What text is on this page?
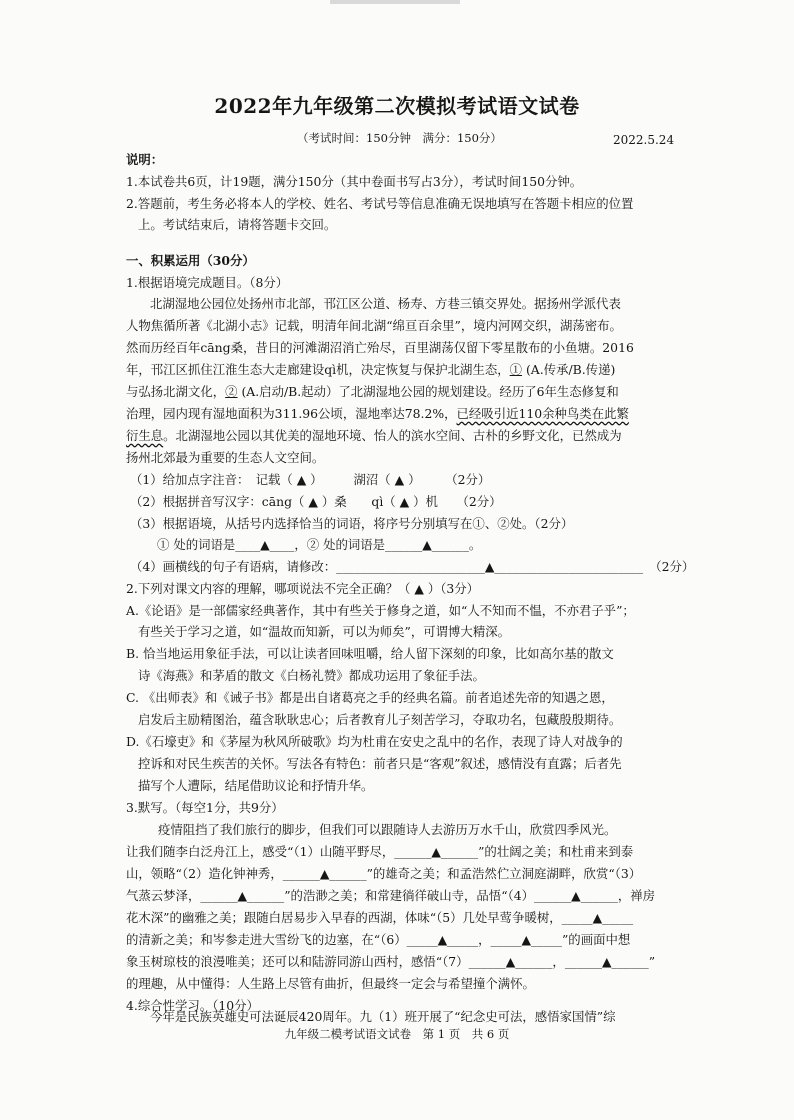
2022年九年级第二次模拟考试语文试卷
（考试时间：150分钟　满分：150分）	2022.5.24
说明：
1.本试卷共6页，计19题，满分150分（其中卷面书写占3分），考试时间150分钟。
2.答题前，考生务必将本人的学校、姓名、考试号等信息准确无误地填写在答题卡相应的位置
上。考试结束后，请将答题卡交回。
一、积累运用（30分）
1.根据语境完成题目。（8分）
北湖湿地公园位处扬州市北部，邗江区公道、杨寿、方巷三镇交界处。据扬州学派代表
人物焦循所著《北湖小志》记载，明清年间北湖“绵亘百余里”，境内河网交织，湖荡密布。
然而历经百年cāng桑，昔日的河滩湖沼消亡殆尽，百里湖荡仅留下零星散布的小鱼塘。2016
年，邗江区抓住江淮生态大走廊建设qì机，决定恢复与保护北湖生态，① (A.传承/B.传递)
与弘扬北湖文化，② (A.启动/B.起动）了北湖湿地公园的规划建设。经历了6年生态修复和
治理，园内现有湿地面积为311.96公顷，湿地率达78.2%，已经吸引近110余种鸟类在此繁
衍生息。北湖湿地公园以其优美的湿地环境、怡人的滨水空间、古朴的乡野文化，已然成为
扬州北郊最为重要的生态人文空间。
（1）给加点字注音：　记载（ ▲ ）　　　湖沼（ ▲ ）　　　（2分）
（2）根据拼音写汉字：cāng（ ▲ ）桑　　qì（ ▲ ）机　　（2分）
（3）根据语境，从括号内选择恰当的词语，将序号分别填写在①、②处。（2分）
① 处的词语是____▲____，② 处的词语是______▲______。
（4）画横线的句子有语病，请修改：________________________▲________________________　（2分）
2.下列对课文内容的理解，哪项说法不完全正确？（ ▲ ）（3分）
A.《论语》是一部儒家经典著作，其中有些关于修身之道，如“人不知而不愠，不亦君子乎”；
有些关于学习之道，如“温故而知新，可以为师矣”，可谓博大精深。
B. 恰当地运用象征手法，可以让读者回味咀嚼，给人留下深刻的印象，比如高尔基的散文
诗《海燕》和茅盾的散文《白杨礼赞》都成功运用了象征手法。
C. 《出师表》和《诫子书》都是出自诸葛亮之手的经典名篇。前者追述先帝的知遇之恩，
启发后主励精图治，蕴含耿耿忠心；后者教育儿子刻苦学习，夺取功名，包藏殷殷期待。
D.《石壕吏》和《茅屋为秋风所破歌》均为杜甫在安史之乱中的名作，表现了诗人对战争的
控诉和对民生疾苦的关怀。写法各有特色：前者只是“客观”叙述，感情没有直露；后者先
描写个人遭际，结尾借助议论和抒情升华。
3.默写。（每空1分，共9分）
疫情阻挡了我们旅行的脚步，但我们可以跟随诗人去游历万水千山，欣赏四季风光。
让我们随李白泛舟江上，感受“（1）山随平野尽，______▲______”的壮阔之美；和杜甫来到泰
山，领略“（2）造化钟神秀，______▲______”的雄奇之美；和孟浩然伫立洞庭湖畔，欣赏“（3）
气蒸云梦泽，______▲______”的浩渺之美；和常建徜徉破山寺，品悟“（4）______▲______，禅房
花木深”的幽雅之美；跟随白居易步入早春的西湖，体味“（5）几处早莺争暖树，_____▲_____
的清新之美；和岑参走进大雪纷飞的边塞，在“（6）_____▲_____，_____▲_____”的画面中想
象玉树琼枝的浪漫唯美；还可以和陆游同游山西村，感悟“（7）______▲______，______▲______”
的理趣，从中懂得：人生路上尽管有曲折，但最终一定会与希望撞个满怀。
4.综合性学习。（10分）
今年是民族英雄史可法诞辰420周年。九（1）班开展了“纪念史可法，感悟家国情”综
九年级二模考试语文试卷　第 1 页　共 6 页
